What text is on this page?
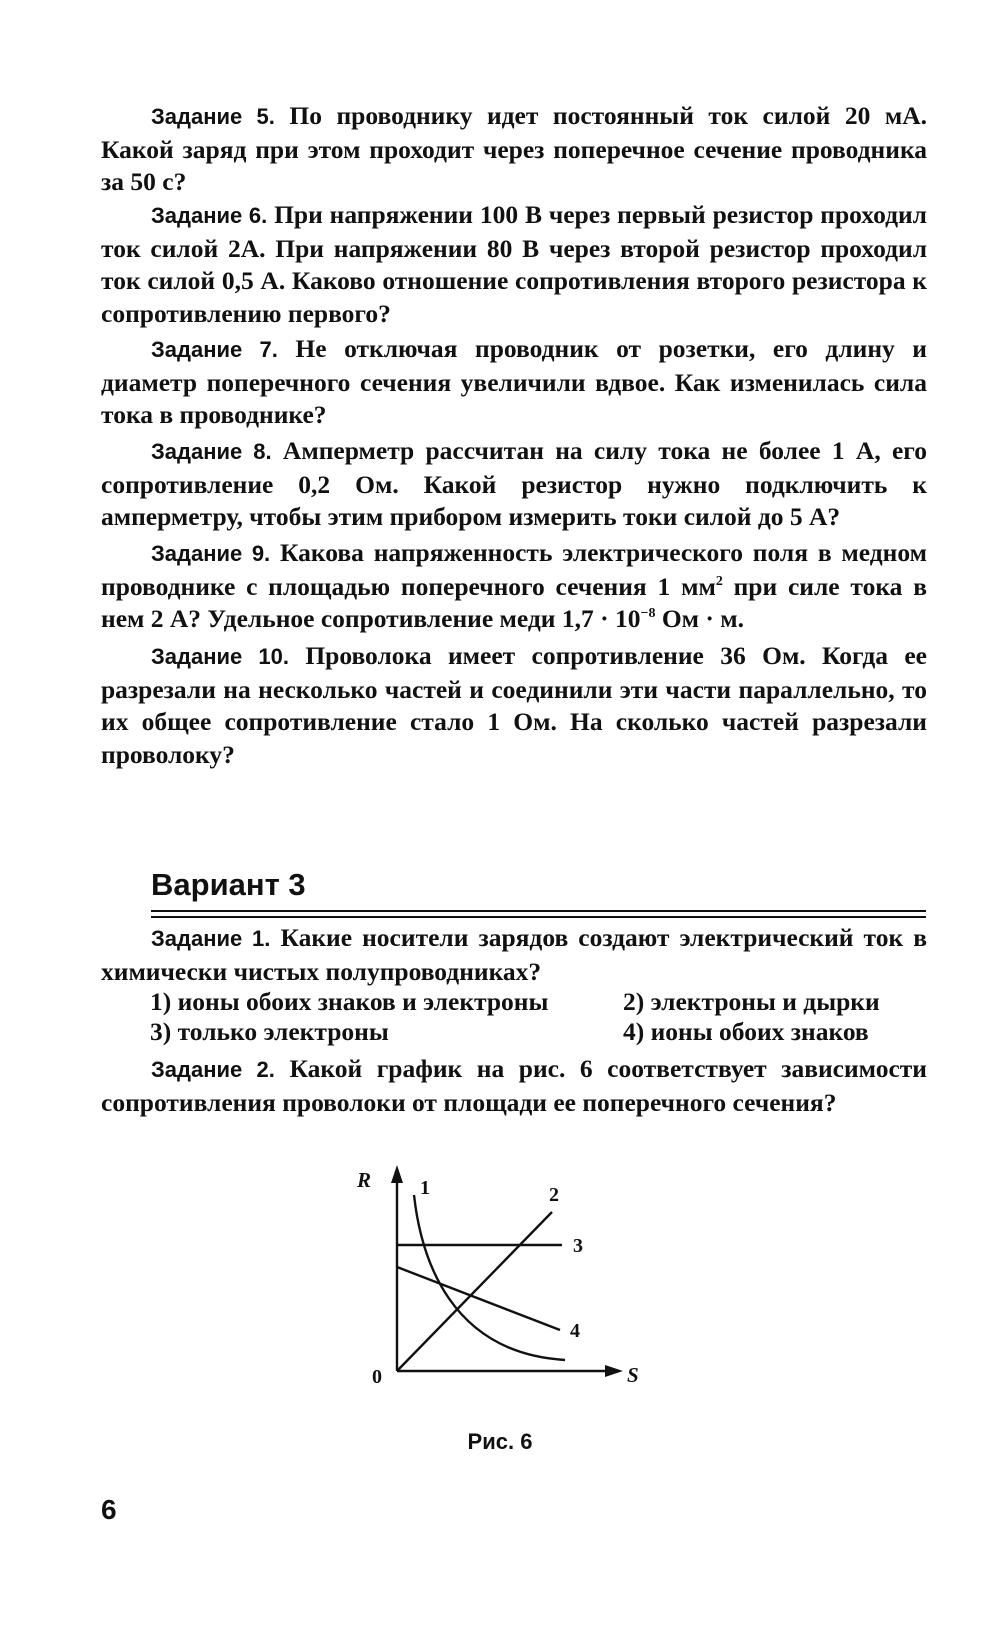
Задание 5. По проводнику идет постоянный ток силой 20 мА. Какой заряд при этом проходит через поперечное сечение проводника за 50 с?

Задание 6. При напряжении 100 В через первый резистор проходил ток силой 2А. При напряжении 80 В через второй резистор проходил ток силой 0,5 А. Каково отношение сопротивления второго резистора к сопротивлению первого?

Задание 7. Не отключая проводник от розетки, его длину и диаметр поперечного сечения увеличили вдвое. Как изменилась сила тока в проводнике?

Задание 8. Амперметр рассчитан на силу тока не более 1 А, его сопротивление 0,2 Ом. Какой резистор нужно подключить к амперметру, чтобы этим прибором измерить токи силой до 5 А?

Задание 9. Какова напряженность электрического поля в медном проводнике с площадью поперечного сечения 1 $мм^2$ при силе тока в нем 2 А? Удельное сопротивление меди $1,7 \cdot 10^{-8}$ Ом · м.

Задание 10. Проволока имеет сопротивление 36 Ом. Когда ее разрезали на несколько частей и соединили эти части параллельно, то их общее сопротивление стало 1 Ом. На сколько частей разрезали проволоку?

Вариант 3

Задание 1. Какие носители зарядов создают электрический ток в химически чистых полупроводниках?

1) ионы обоих знаков и электроны	2) электроны и дырки

3) только электроны	4) ионы обоих знаков

Задание 2. Какой график на рис. 6 соответствует зависимости сопротивления проволоки от площади ее поперечного сечения?

R
S
0
1	2
3
4

Рис. 6

6
